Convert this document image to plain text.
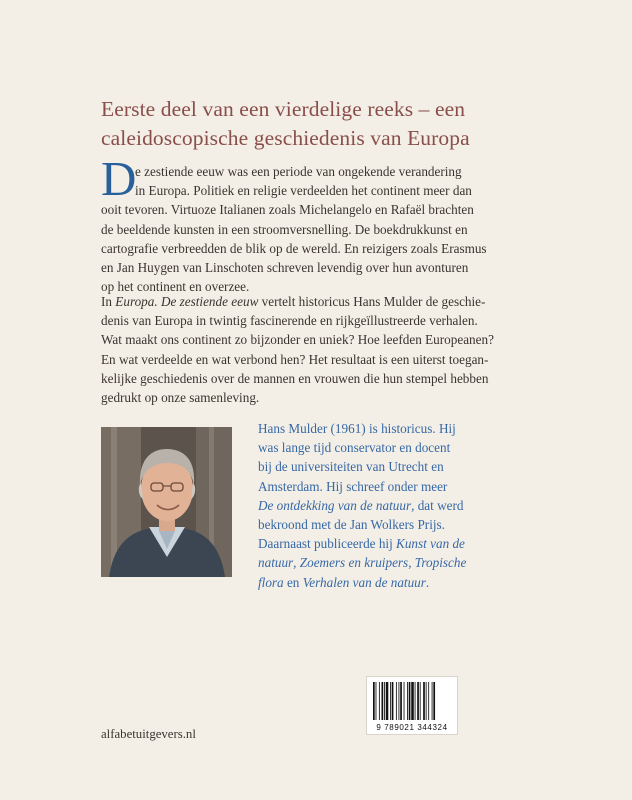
Eerste deel van een vierdelige reeks – een
caleidoscopische geschiedenis van Europa
D
e zestiende eeuw was een periode van ongekende verandering
in Europa. Politiek en religie verdeelden het continent meer dan
ooit tevoren. Virtuoze Italianen zoals Michelangelo en Rafaël brachten
de beeldende kunsten in een stroomversnelling. De boekdrukkunst en
cartografie verbreedden de blik op de wereld. En reizigers zoals Erasmus
en Jan Huygen van Linschoten schreven levendig over hun avonturen
op het continent en overzee.
In Europa. De zestiende eeuw vertelt historicus Hans Mulder de geschie-
denis van Europa in twintig fascinerende en rijkgeïllustreerde verhalen.
Wat maakt ons continent zo bijzonder en uniek? Hoe leefden Europeanen?
En wat verdeelde en wat verbond hen? Het resultaat is een uiterst toegan-
kelijke geschiedenis over de mannen en vrouwen die hun stempel hebben
gedrukt op onze samenleving.
Hans Mulder (1961) is historicus. Hij
was lange tijd conservator en docent
bij de universiteiten van Utrecht en
Amsterdam. Hij schreef onder meer
De ontdekking van de natuur, dat werd
bekroond met de Jan Wolkers Prijs.
Daarnaast publiceerde hij Kunst van de
natuur, Zoemers en kruipers, Tropische
flora en Verhalen van de natuur.
9 789021 344324
alfabetuitgevers.nl
